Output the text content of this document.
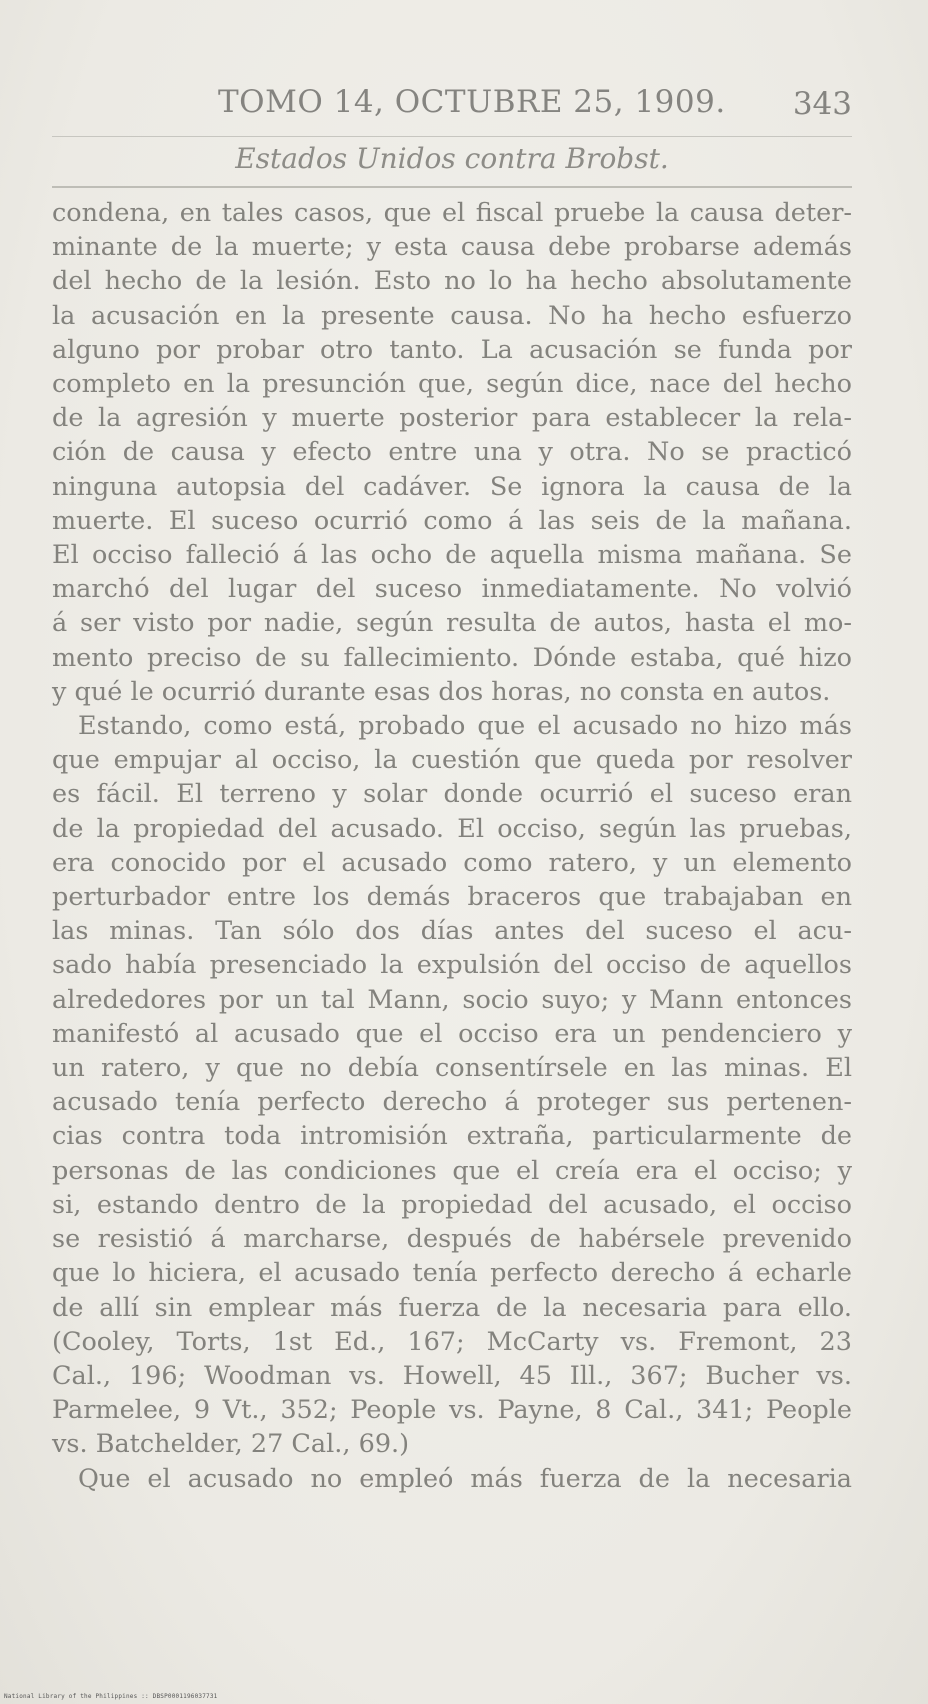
TOMO 14, OCTUBRE 25, 1909. 343
Estados Unidos contra Brobst.

condena, en tales casos, que el fiscal pruebe la causa deter-
minante de la muerte; y esta causa debe probarse además
del hecho de la lesión. Esto no lo ha hecho absolutamente
la acusación en la presente causa. No ha hecho esfuerzo
alguno por probar otro tanto. La acusación se funda por
completo en la presunción que, según dice, nace del hecho
de la agresión y muerte posterior para establecer la rela-
ción de causa y efecto entre una y otra. No se practicó
ninguna autopsia del cadáver. Se ignora la causa de la
muerte. El suceso ocurrió como á las seis de la mañana.
El occiso falleció á las ocho de aquella misma mañana. Se
marchó del lugar del suceso inmediatamente. No volvió
á ser visto por nadie, según resulta de autos, hasta el mo-
mento preciso de su fallecimiento. Dónde estaba, qué hizo
y qué le ocurrió durante esas dos horas, no consta en autos.

Estando, como está, probado que el acusado no hizo más
que empujar al occiso, la cuestión que queda por resolver
es fácil. El terreno y solar donde ocurrió el suceso eran
de la propiedad del acusado. El occiso, según las pruebas,
era conocido por el acusado como ratero, y un elemento
perturbador entre los demás braceros que trabajaban en
las minas. Tan sólo dos días antes del suceso el acu-
sado había presenciado la expulsión del occiso de aquellos
alrededores por un tal Mann, socio suyo; y Mann entonces
manifestó al acusado que el occiso era un pendenciero y
un ratero, y que no debía consentírsele en las minas. El
acusado tenía perfecto derecho á proteger sus pertenen-
cias contra toda intromisión extraña, particularmente de
personas de las condiciones que el creía era el occiso; y
si, estando dentro de la propiedad del acusado, el occiso
se resistió á marcharse, después de habérsele prevenido
que lo hiciera, el acusado tenía perfecto derecho á echarle
de allí sin emplear más fuerza de la necesaria para ello.
(Cooley, Torts, 1st Ed., 167; McCarty vs. Fremont, 23
Cal., 196; Woodman vs. Howell, 45 Ill., 367; Bucher vs.
Parmelee, 9 Vt., 352; People vs. Payne, 8 Cal., 341; People
vs. Batchelder, 27 Cal., 69.)

Que el acusado no empleó más fuerza de la necesaria

National Library of the Philippines :: DBSP0001196037731
